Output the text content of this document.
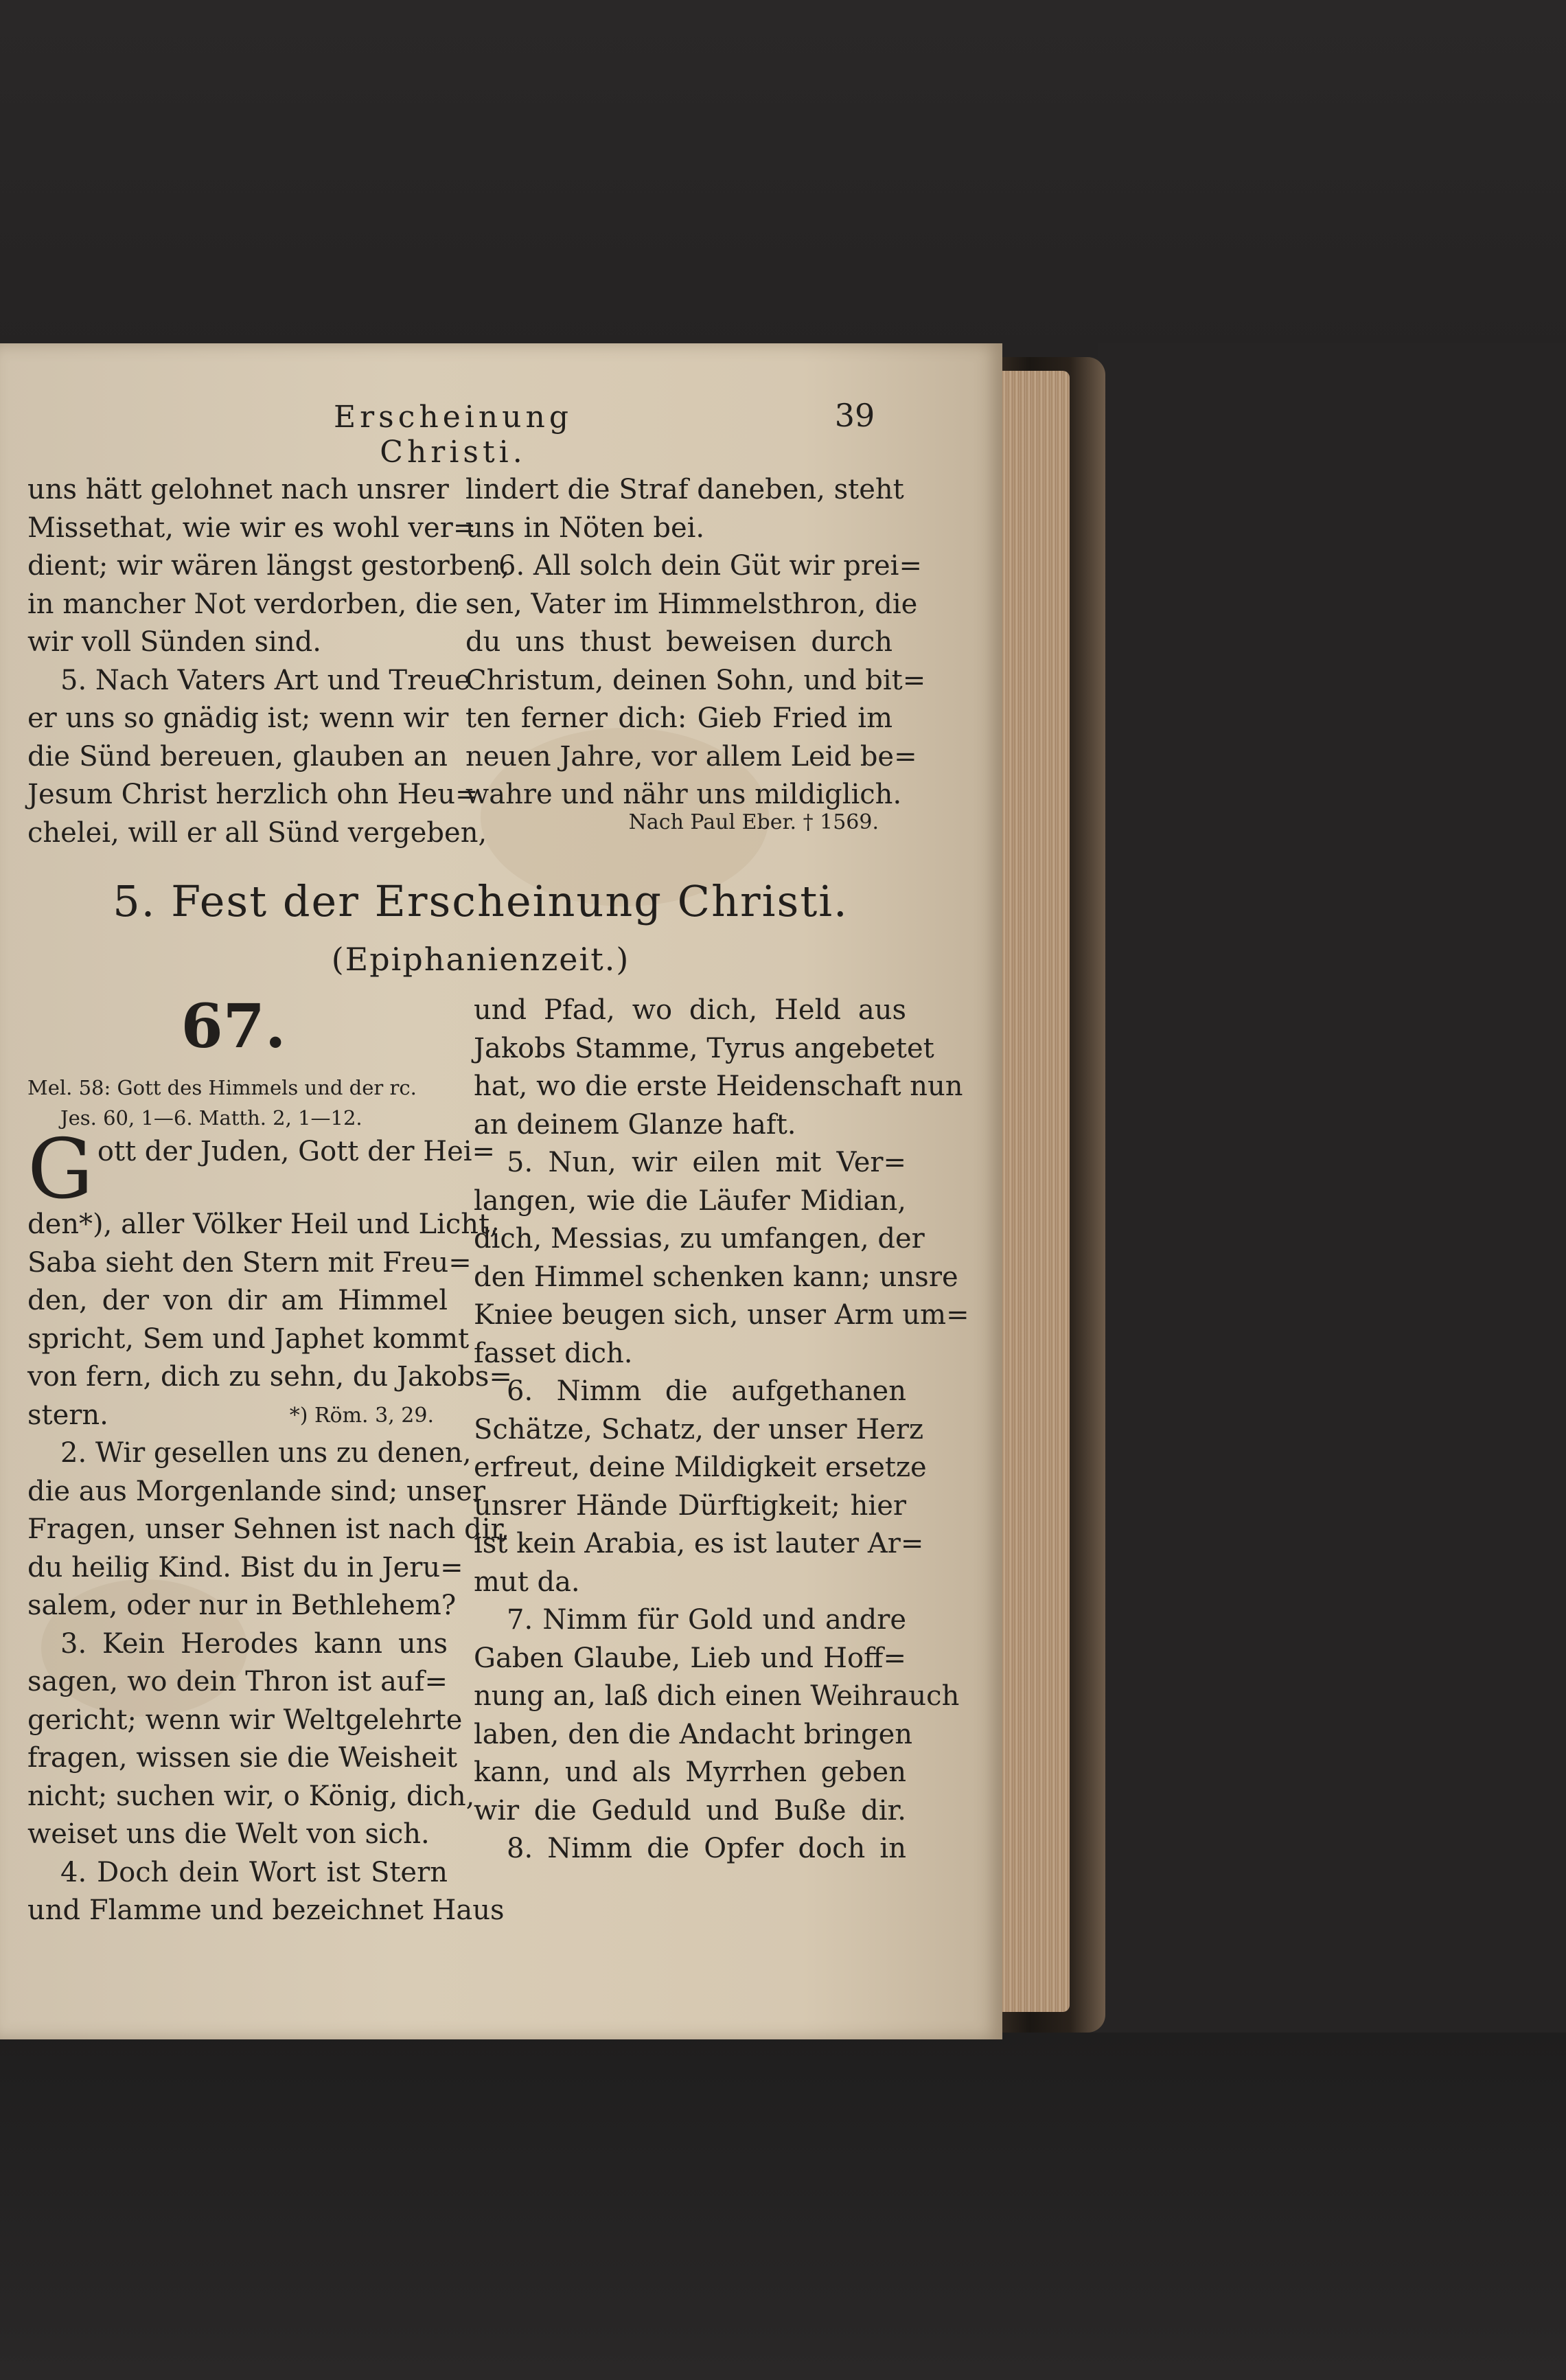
Erscheinung Christi.
39
uns hätt gelohnet nach unsrer
Missethat, wie wir es wohl ver=
dient; wir wären längst gestorben,
in mancher Not verdorben, die
wir voll Sünden sind.
5. Nach Vaters Art und Treue
er uns so gnädig ist; wenn wir
die Sünd bereuen, glauben an
Jesum Christ herzlich ohn Heu=
chelei, will er all Sünd vergeben,
lindert die Straf daneben, steht
uns in Nöten bei.
6. All solch dein Güt wir prei=
sen, Vater im Himmelsthron, die
du uns thust beweisen durch
Christum, deinen Sohn, und bit=
ten ferner dich: Gieb Fried im
neuen Jahre, vor allem Leid be=
wahre und nähr uns mildiglich.
Nach Paul Eber. † 1569.
5. Fest der Erscheinung Christi.
(Epiphanienzeit.)
67.
Mel. 58: Gott des Himmels und der rc.
Jes. 60, 1—6. Matth. 2, 1—12.
G ott der Juden, Gott der Hei=
den*), aller Völker Heil und Licht,
Saba sieht den Stern mit Freu=
den, der von dir am Himmel
spricht, Sem und Japhet kommt
von fern, dich zu sehn, du Jakobs=
stern.	*) Röm. 3, 29.
2. Wir gesellen uns zu denen,
die aus Morgenlande sind; unser
Fragen, unser Sehnen ist nach dir,
du heilig Kind. Bist du in Jeru=
salem, oder nur in Bethlehem?
3. Kein Herodes kann uns
sagen, wo dein Thron ist auf=
gericht; wenn wir Weltgelehrte
fragen, wissen sie die Weisheit
nicht; suchen wir, o König, dich,
weiset uns die Welt von sich.
4. Doch dein Wort ist Stern
und Flamme und bezeichnet Haus
und Pfad, wo dich, Held aus
Jakobs Stamme, Tyrus angebetet
hat, wo die erste Heidenschaft nun
an deinem Glanze haft.
5. Nun, wir eilen mit Ver=
langen, wie die Läufer Midian,
dich, Messias, zu umfangen, der
den Himmel schenken kann; unsre
Kniee beugen sich, unser Arm um=
fasset dich.
6. Nimm die aufgethanen
Schätze, Schatz, der unser Herz
erfreut, deine Mildigkeit ersetze
unsrer Hände Dürftigkeit; hier
ist kein Arabia, es ist lauter Ar=
mut da.
7. Nimm für Gold und andre
Gaben Glaube, Lieb und Hoff=
nung an, laß dich einen Weihrauch
laben, den die Andacht bringen
kann, und als Myrrhen geben
wir die Geduld und Buße dir.
8. Nimm die Opfer doch in
